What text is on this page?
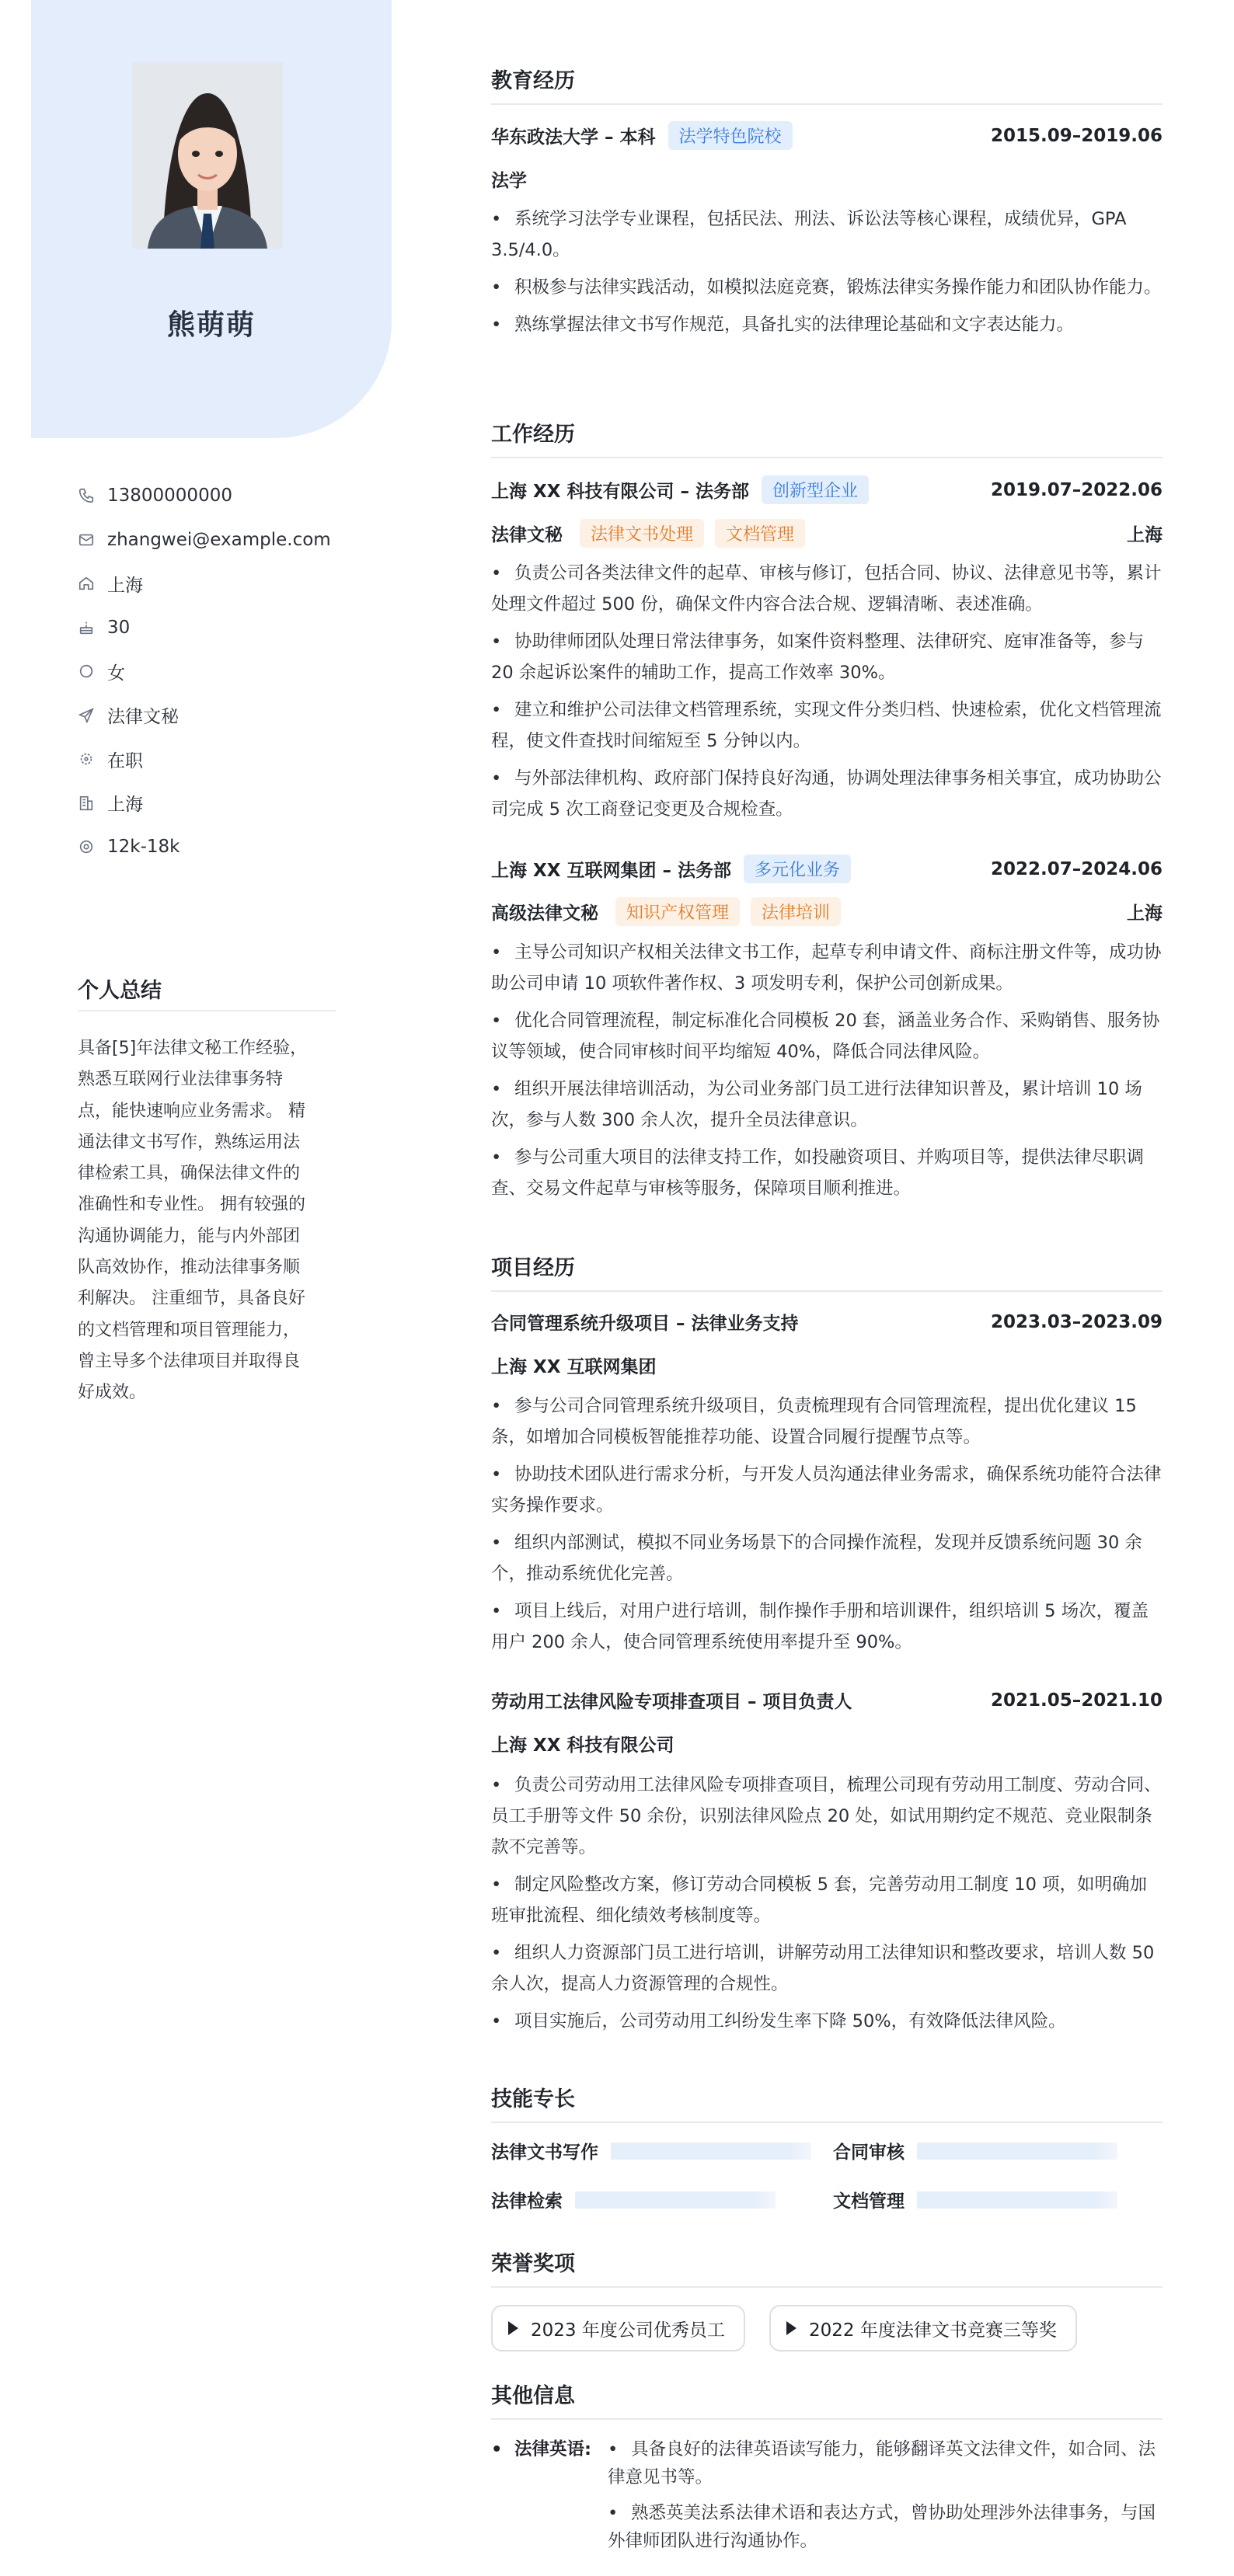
熊萌萌
13800000000
zhangwei@example.com
上海
30
女
法律文秘
在职
上海
12k-18k
个人总结
具备[5]年法律文秘工作经验，
熟悉互联网行业法律事务特
点，能快速响应业务需求。 精
通法律文书写作，熟练运用法
律检索工具，确保法律文件的
准确性和专业性。 拥有较强的
沟通协调能力，能与内外部团
队高效协作，推动法律事务顺
利解决。 注重细节，具备良好
的文档管理和项目管理能力，
曾主导多个法律项目并取得良
好成效。
教育经历
华东政法大学 – 本科	法学特色院校	2015.09–2019.06
法学
• 系统学习法学专业课程，包括民法、刑法、诉讼法等核心课程，成绩优异，GPA 3.5/4.0。
• 积极参与法律实践活动，如模拟法庭竞赛，锻炼法律实务操作能力和团队协作能力。
• 熟练掌握法律文书写作规范，具备扎实的法律理论基础和文字表达能力。
工作经历
上海 XX 科技有限公司 – 法务部	创新型企业	2019.07–2022.06
法律文秘	法律文书处理	文档管理	上海
• 负责公司各类法律文件的起草、审核与修订，包括合同、协议、法律意见书等，累计处理文件超过 500 份，确保文件内容合法合规、逻辑清晰、表述准确。
• 协助律师团队处理日常法律事务，如案件资料整理、法律研究、庭审准备等，参与 20 余起诉讼案件的辅助工作，提高工作效率 30%。
• 建立和维护公司法律文档管理系统，实现文件分类归档、快速检索，优化文档管理流程，使文件查找时间缩短至 5 分钟以内。
• 与外部法律机构、政府部门保持良好沟通，协调处理法律事务相关事宜，成功协助公司完成 5 次工商登记变更及合规检查。
上海 XX 互联网集团 – 法务部	多元化业务	2022.07–2024.06
高级法律文秘	知识产权管理	法律培训	上海
• 主导公司知识产权相关法律文书工作，起草专利申请文件、商标注册文件等，成功协助公司申请 10 项软件著作权、3 项发明专利，保护公司创新成果。
• 优化合同管理流程，制定标准化合同模板 20 套，涵盖业务合作、采购销售、服务协议等领域，使合同审核时间平均缩短 40%，降低合同法律风险。
• 组织开展法律培训活动，为公司业务部门员工进行法律知识普及，累计培训 10 场次，参与人数 300 余人次，提升全员法律意识。
• 参与公司重大项目的法律支持工作，如投融资项目、并购项目等，提供法律尽职调查、交易文件起草与审核等服务，保障项目顺利推进。
项目经历
合同管理系统升级项目 – 法律业务支持	2023.03–2023.09
上海 XX 互联网集团
• 参与公司合同管理系统升级项目，负责梳理现有合同管理流程，提出优化建议 15 条，如增加合同模板智能推荐功能、设置合同履行提醒节点等。
• 协助技术团队进行需求分析，与开发人员沟通法律业务需求，确保系统功能符合法律实务操作要求。
• 组织内部测试，模拟不同业务场景下的合同操作流程，发现并反馈系统问题 30 余个，推动系统优化完善。
• 项目上线后，对用户进行培训，制作操作手册和培训课件，组织培训 5 场次，覆盖用户 200 余人，使合同管理系统使用率提升至 90%。
劳动用工法律风险专项排查项目 – 项目负责人	2021.05–2021.10
上海 XX 科技有限公司
• 负责公司劳动用工法律风险专项排查项目，梳理公司现有劳动用工制度、劳动合同、员工手册等文件 50 余份，识别法律风险点 20 处，如试用期约定不规范、竞业限制条款不完善等。
• 制定风险整改方案，修订劳动合同模板 5 套，完善劳动用工制度 10 项，如明确加班审批流程、细化绩效考核制度等。
• 组织人力资源部门员工进行培训，讲解劳动用工法律知识和整改要求，培训人数 50 余人次，提高人力资源管理的合规性。
• 项目实施后，公司劳动用工纠纷发生率下降 50%，有效降低法律风险。
技能专长
法律文书写作	合同审核
法律检索	文档管理
荣誉奖项
2023 年度公司优秀员工	2022 年度法律文书竞赛三等奖
其他信息
• 法律英语: • 具备良好的法律英语读写能力，能够翻译英文法律文件，如合同、法律意见书等。
• 熟悉英美法系法律术语和表达方式，曾协助处理涉外法律事务，与国外律师团队进行沟通协作。
